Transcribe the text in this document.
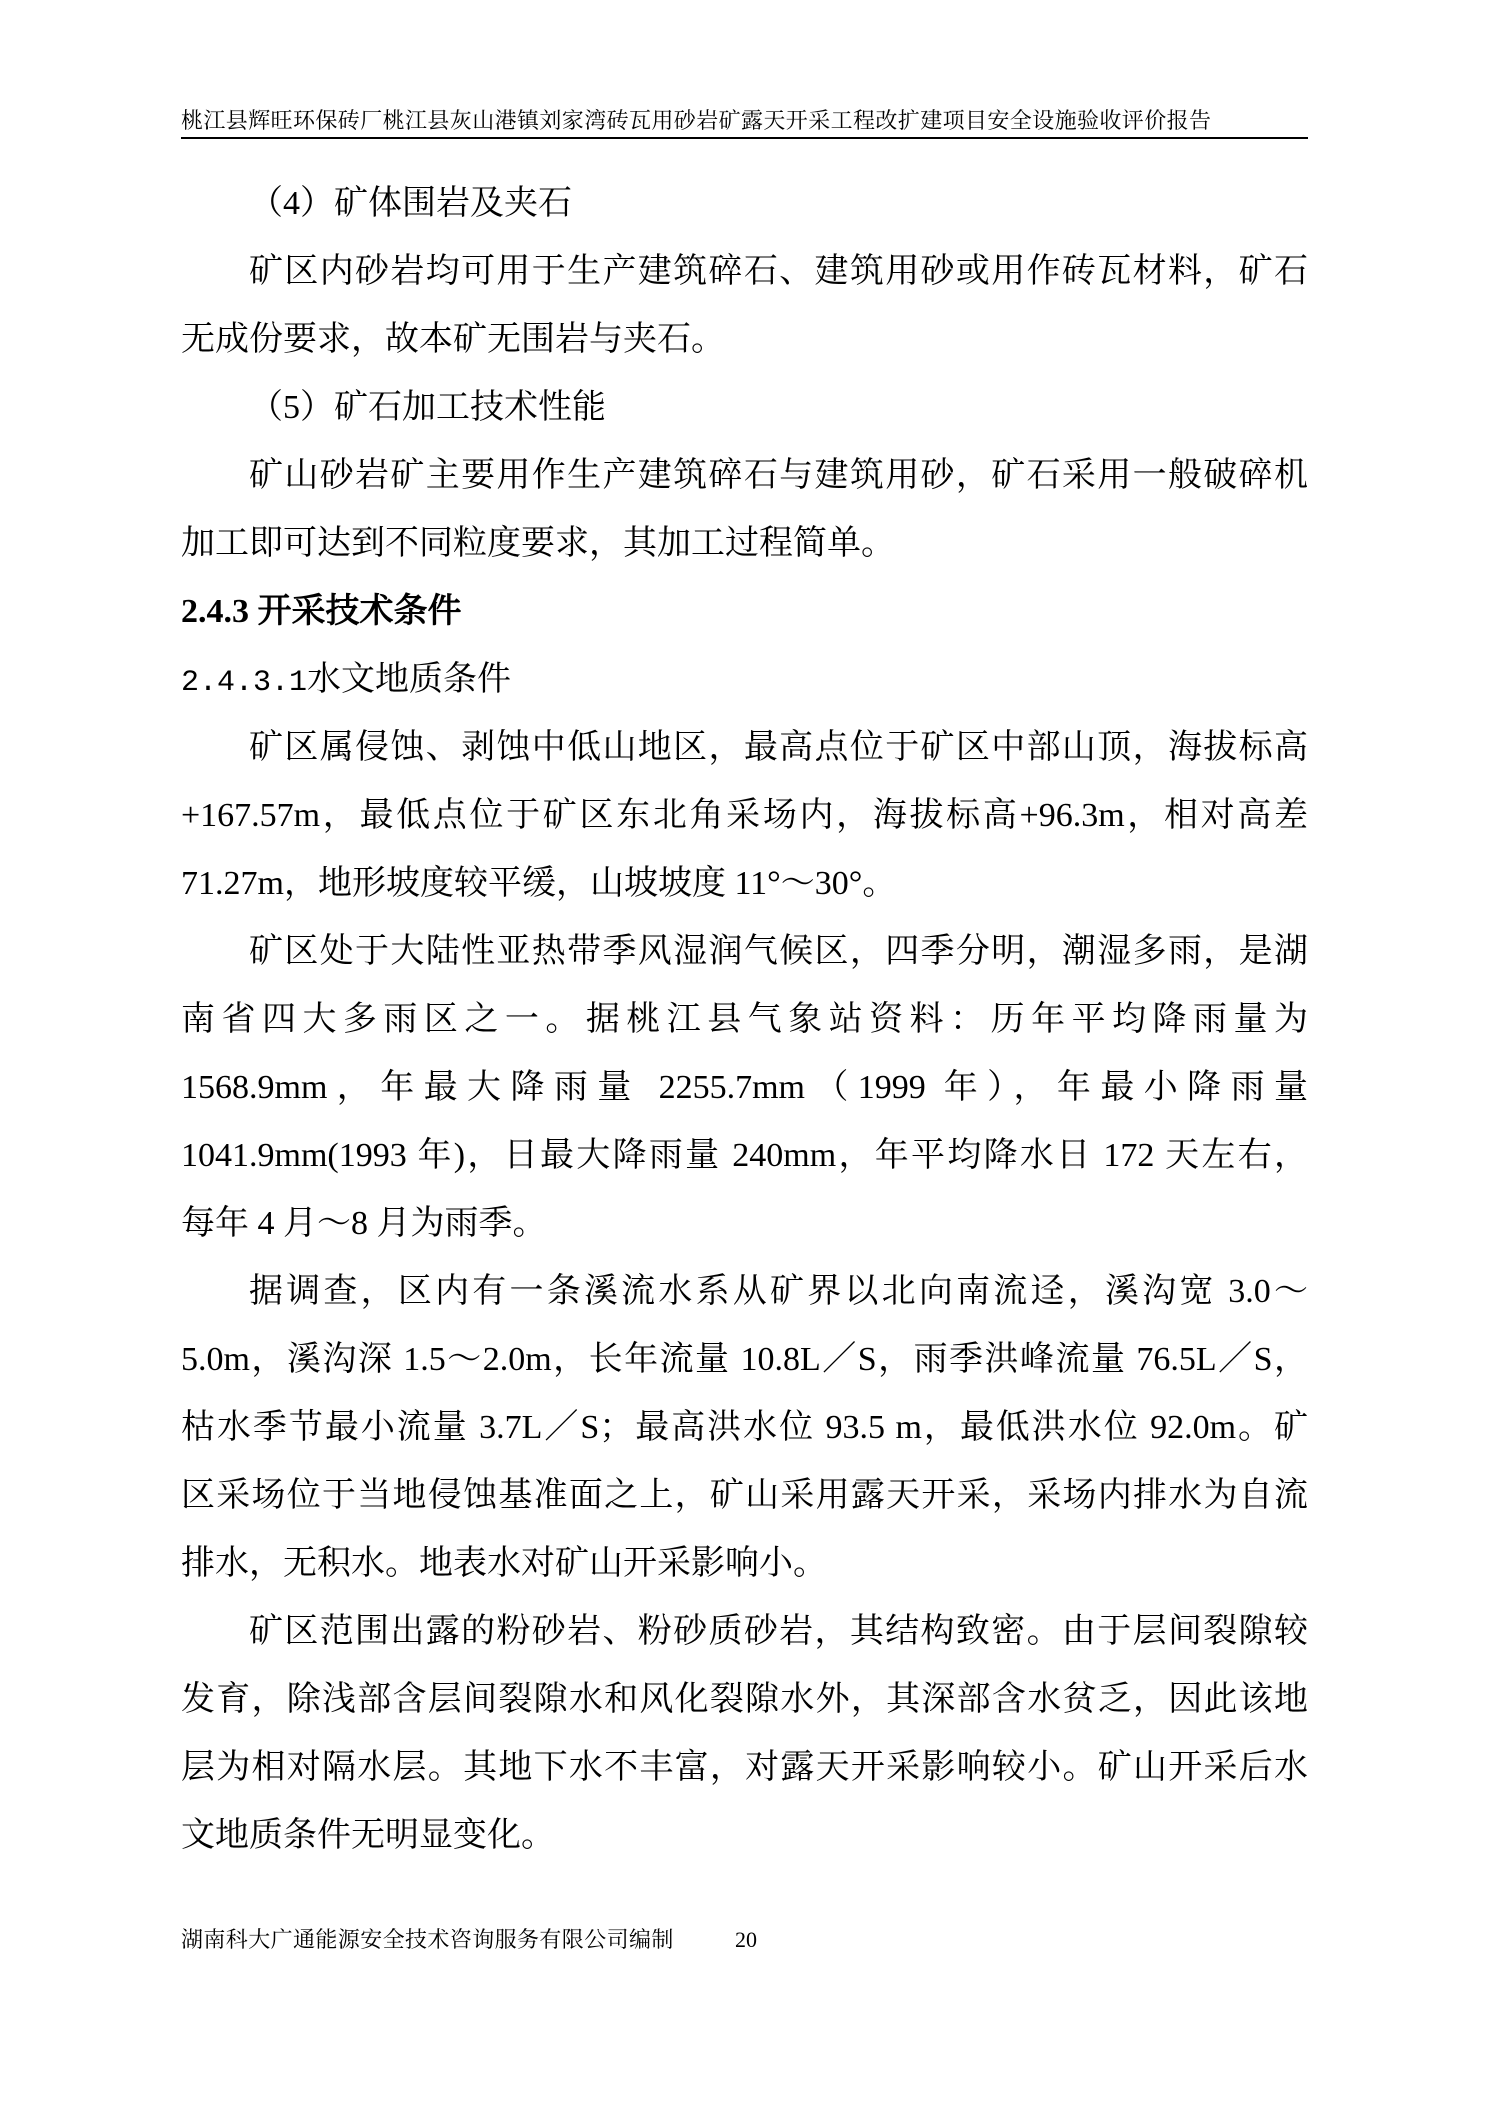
桃江县辉旺环保砖厂桃江县灰山港镇刘家湾砖瓦用砂岩矿露天开采工程改扩建项目安全设施验收评价报告
（4）矿体围岩及夹石
矿区内砂岩均可用于生产建筑碎石、建筑用砂或用作砖瓦材料，矿石
无成份要求，故本矿无围岩与夹石。
（5）矿石加工技术性能
矿山砂岩矿主要用作生产建筑碎石与建筑用砂，矿石采用一般破碎机
加工即可达到不同粒度要求，其加工过程简单。
2.4.3 开采技术条件
2.4.3.1水文地质条件
矿区属侵蚀、剥蚀中低山地区，最高点位于矿区中部山顶，海拔标高
+167.57m，最低点位于矿区东北角采场内，海拔标高+96.3m，相对高差
71.27m，地形坡度较平缓，山坡坡度 11°～30°。
矿区处于大陆性亚热带季风湿润气候区，四季分明，潮湿多雨，是湖
南省四大多雨区之一。据桃江县气象站资料：历年平均降雨量为
1568.9mm，年最大降雨量 2255.7mm（1999 年），年最小降雨量
1041.9mm(1993 年)，日最大降雨量 240mm，年平均降水日 172 天左右，
每年 4 月～8 月为雨季。
据调查，区内有一条溪流水系从矿界以北向南流迳，溪沟宽 3.0～
5.0m，溪沟深 1.5～2.0m，长年流量 10.8L／S，雨季洪峰流量 76.5L／S，
枯水季节最小流量 3.7L／S；最高洪水位 93.5 m，最低洪水位 92.0m。矿
区采场位于当地侵蚀基准面之上，矿山采用露天开采，采场内排水为自流
排水，无积水。地表水对矿山开采影响小。
矿区范围出露的粉砂岩、粉砂质砂岩，其结构致密。由于层间裂隙较
发育，除浅部含层间裂隙水和风化裂隙水外，其深部含水贫乏，因此该地
层为相对隔水层。其地下水不丰富，对露天开采影响较小。矿山开采后水
文地质条件无明显变化。
湖南科大广通能源安全技术咨询服务有限公司编制	20
